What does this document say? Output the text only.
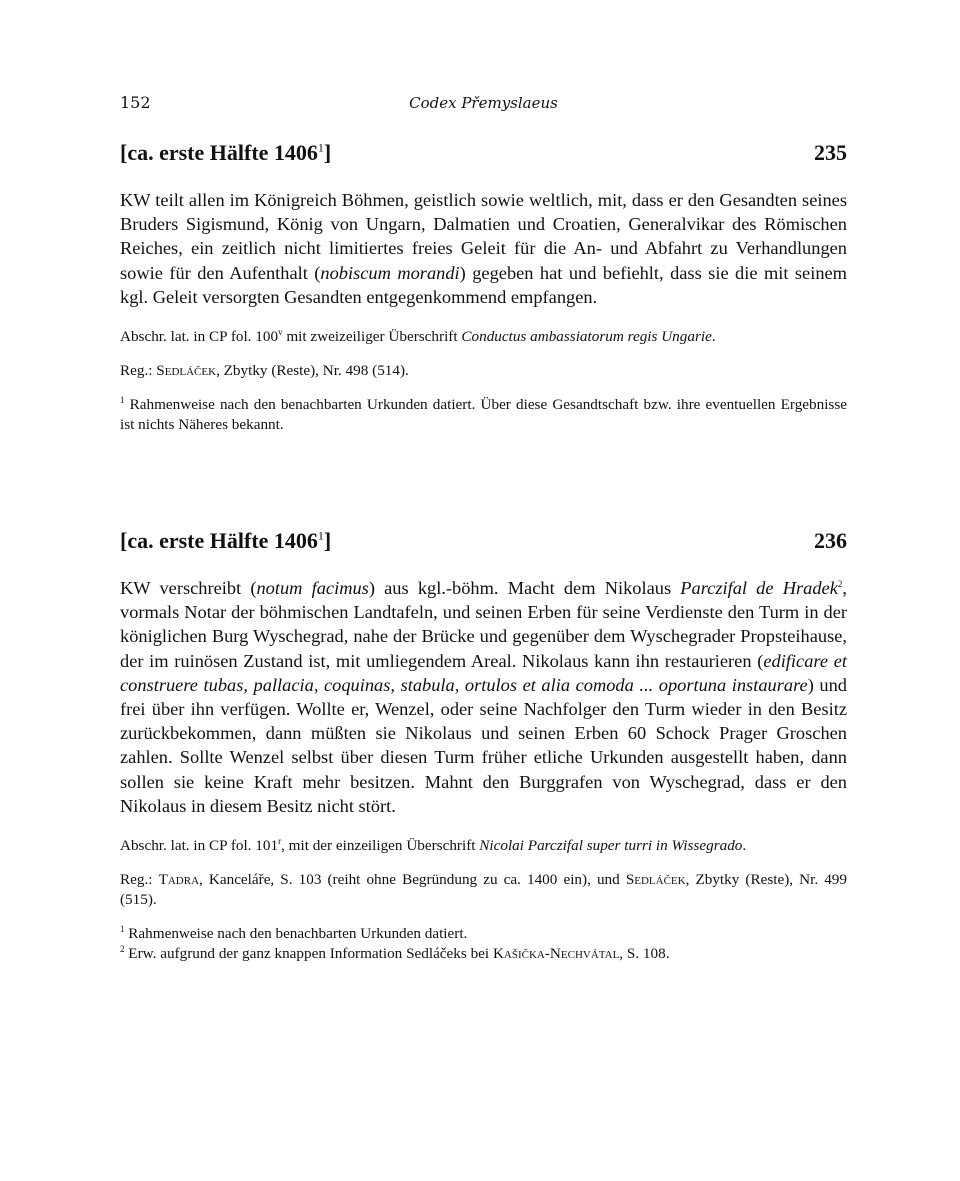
152	Codex Přemyslaeus
[ca. erste Hälfte 1406$^1$]	235

KW teilt allen im Königreich Böhmen, geistlich sowie weltlich, mit, dass er den Gesandten seines Bruders Sigismund, König von Ungarn, Dalmatien und Croatien, Generalvikar des Römischen Reiches, ein zeitlich nicht limitiertes freies Geleit für die An- und Abfahrt zu Verhandlungen sowie für den Aufenthalt (nobiscum morandi) gegeben hat und befiehlt, dass sie die mit seinem kgl. Geleit versorgten Gesandten entgegenkommend empfangen.

Abschr. lat. in CP fol. 100$^v$ mit zweizeiliger Überschrift Conductus ambassiatorum regis Ungarie.

Reg.: Sedláček, Zbytky (Reste), Nr. 498 (514).

$^1$ Rahmenweise nach den benachbarten Urkunden datiert. Über diese Gesandtschaft bzw. ihre eventuellen Ergebnisse ist nichts Näheres bekannt.

[ca. erste Hälfte 1406$^1$]	236

KW verschreibt (notum facimus) aus kgl.-böhm. Macht dem Nikolaus Parczifal de Hradek$^2$, vormals Notar der böhmischen Landtafeln, und seinen Erben für seine Verdienste den Turm in der königlichen Burg Wyschegrad, nahe der Brücke und gegenüber dem Wyschegrader Propsteihause, der im ruinösen Zustand ist, mit umliegendem Areal. Nikolaus kann ihn restaurieren (edificare et construere tubas, pallacia, coquinas, stabula, ortulos et alia comoda ... oportuna instaurare) und frei über ihn verfügen. Wollte er, Wenzel, oder seine Nachfolger den Turm wieder in den Besitz zurückbekommen, dann müßten sie Nikolaus und seinen Erben 60 Schock Prager Groschen zahlen. Sollte Wenzel selbst über diesen Turm früher etliche Urkunden ausgestellt haben, dann sollen sie keine Kraft mehr besitzen. Mahnt den Burggrafen von Wyschegrad, dass er den Nikolaus in diesem Besitz nicht stört.

Abschr. lat. in CP fol. 101$^r$, mit der einzeiligen Überschrift Nicolai Parczifal super turri in Wissegrado.

Reg.: Tadra, Kanceláře, S. 103 (reiht ohne Begründung zu ca. 1400 ein), und Sedláček, Zbytky (Reste), Nr. 499 (515).

$^1$ Rahmenweise nach den benachbarten Urkunden datiert.

$^2$ Erw. aufgrund der ganz knappen Information Sedláčeks bei Kašička-Nechvátal, S. 108.
